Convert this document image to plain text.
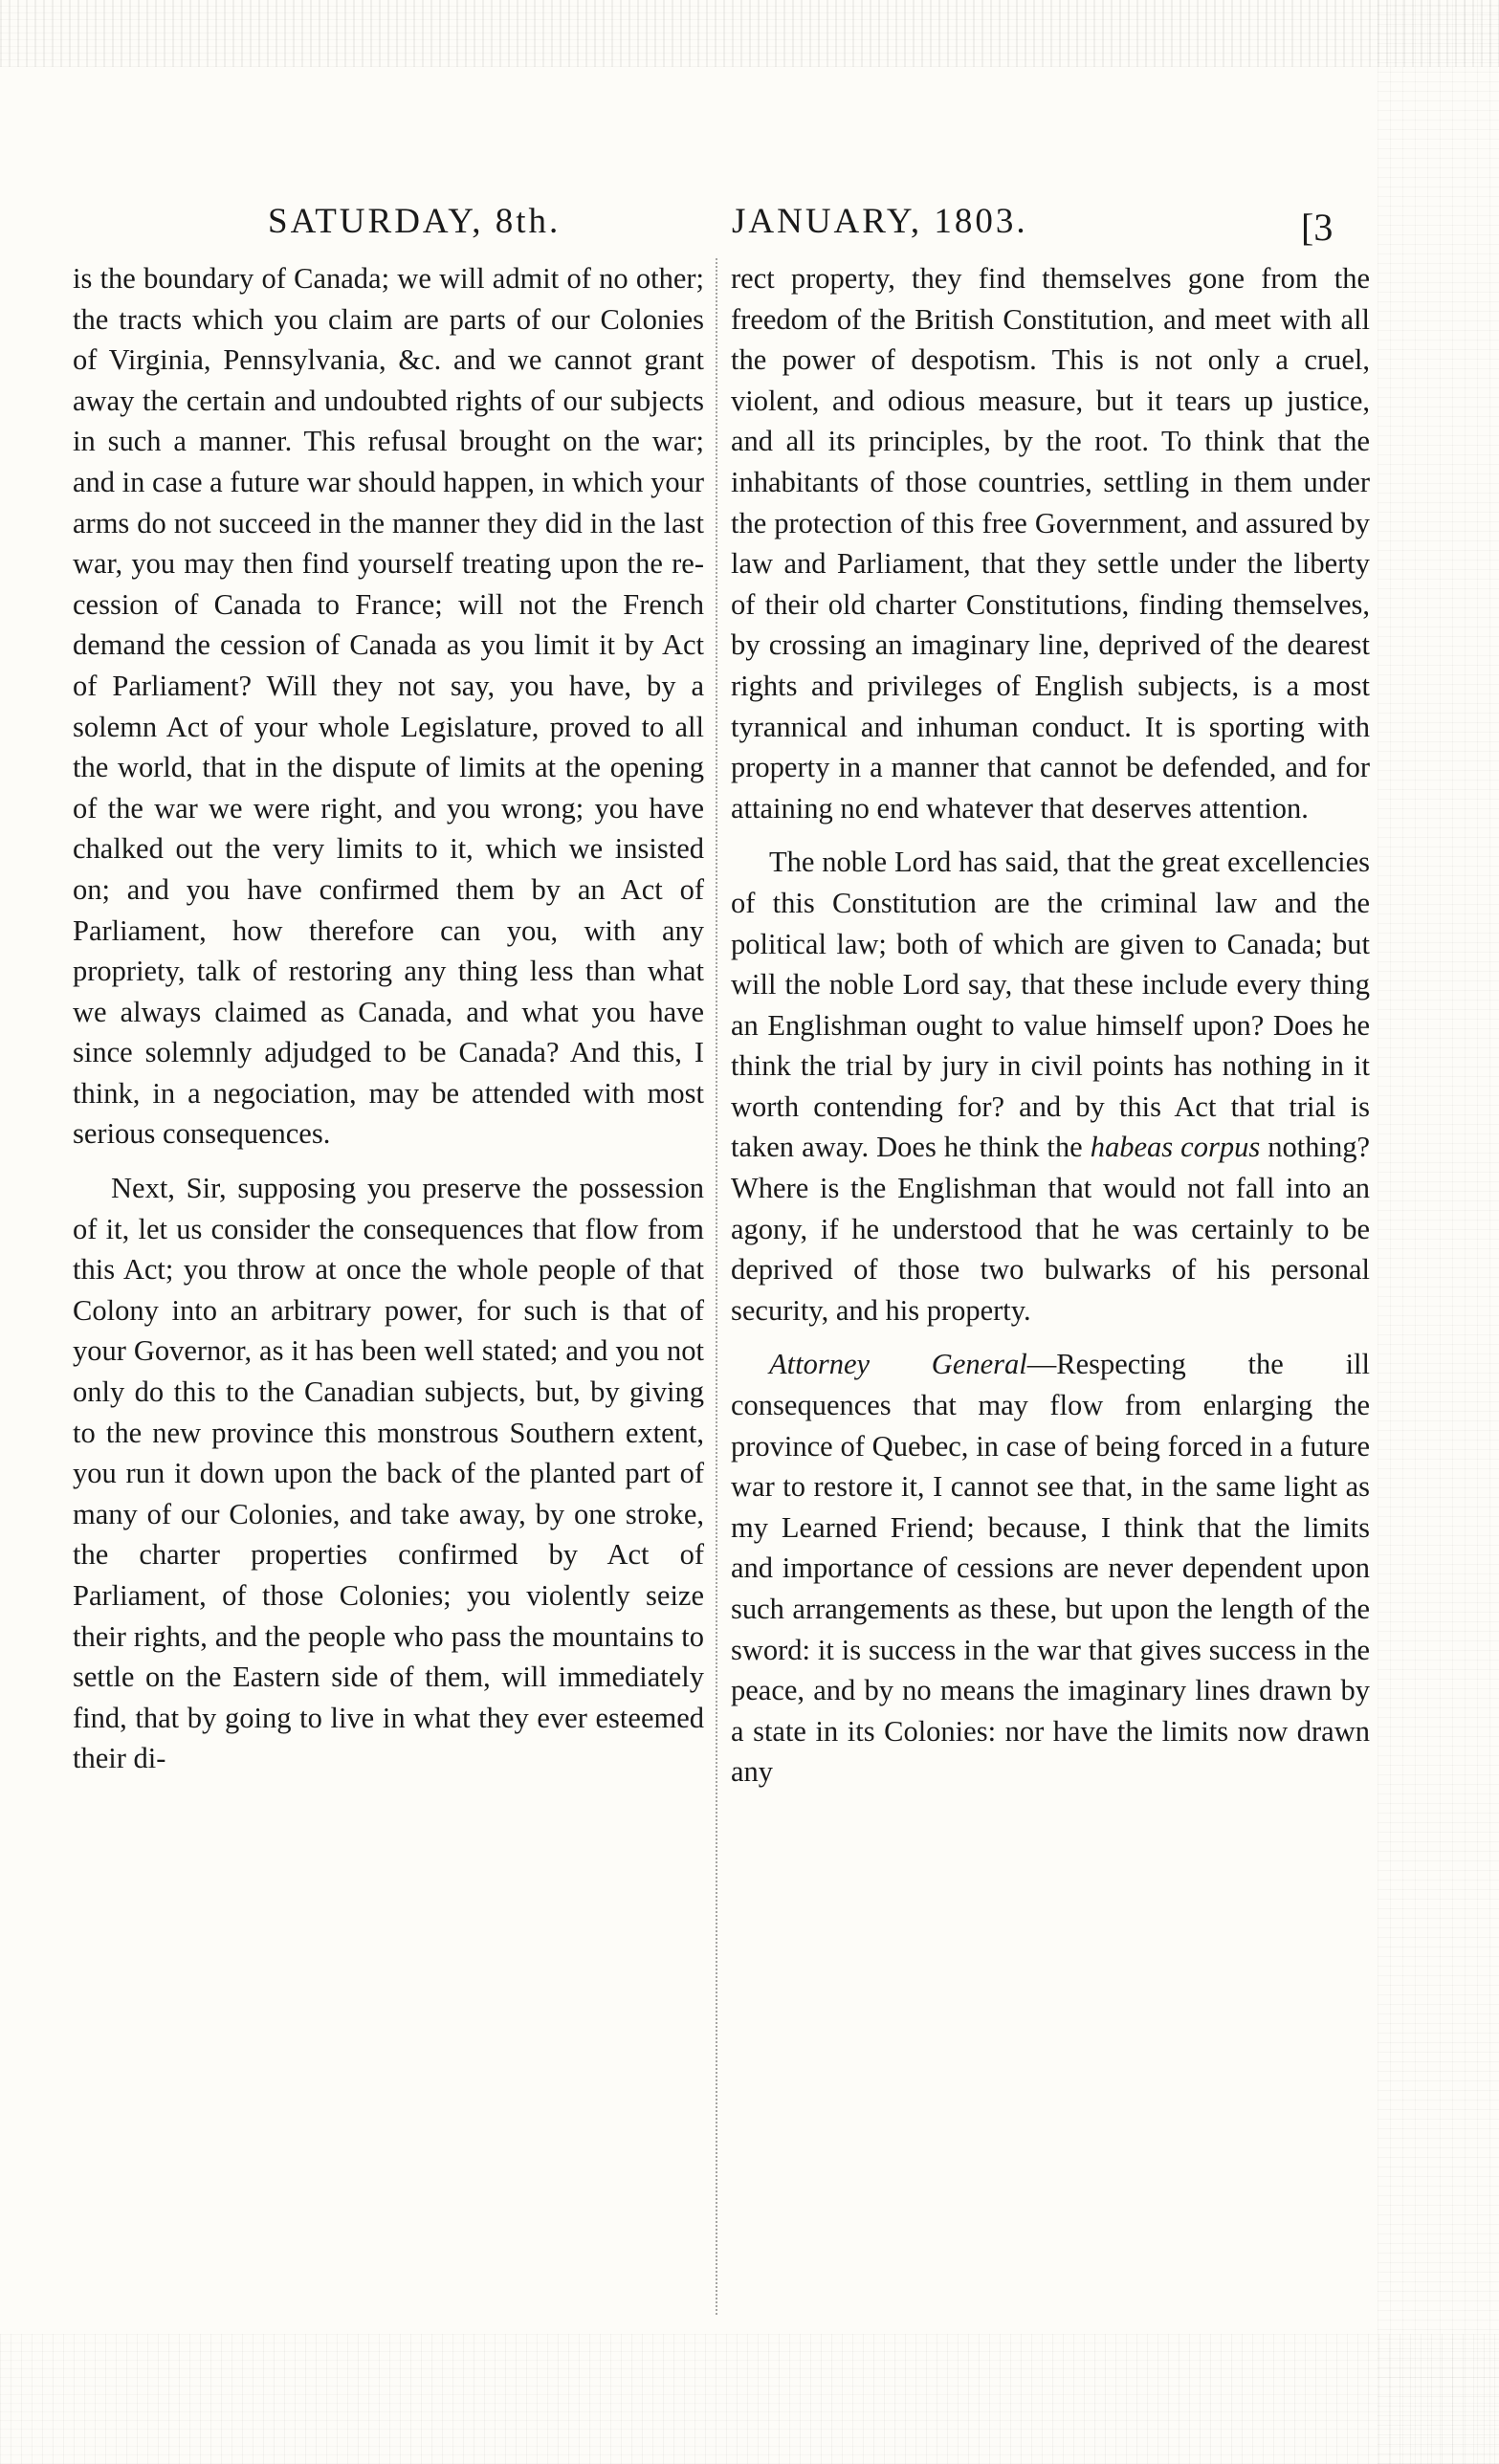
SATURDAY, 8th.	JANUARY, 1803.	[3

is the boundary of Canada; we will admit of no other; the tracts which you claim are parts of our Colonies of Virginia, Pennsylvania, &c. and we cannot grant away the certain and undoubted rights of our subjects in such a manner. This refusal brought on the war; and in case a future war should happen, in which your arms do not succeed in the manner they did in the last war, you may then find yourself treating upon the re-cession of Canada to France; will not the French demand the cession of Canada as you limit it by Act of Parliament? Will they not say, you have, by a solemn Act of your whole Legislature, proved to all the world, that in the dispute of limits at the opening of the war we were right, and you wrong; you have chalked out the very limits to it, which we insisted on; and you have confirmed them by an Act of Parliament, how therefore can you, with any propriety, talk of restoring any thing less than what we always claimed as Canada, and what you have since solemnly adjudged to be Canada? And this, I think, in a negociation, may be attended with most serious consequences.

Next, Sir, supposing you preserve the possession of it, let us consider the consequences that flow from this Act; you throw at once the whole people of that Colony into an arbitrary power, for such is that of your Governor, as it has been well stated; and you not only do this to the Canadian subjects, but, by giving to the new province this monstrous Southern extent, you run it down upon the back of the planted part of many of our Colonies, and take away, by one stroke, the charter properties confirmed by Act of Parliament, of those Colonies; you violently seize their rights, and the people who pass the mountains to settle on the Eastern side of them, will immediately find, that by going to live in what they ever esteemed their di-

rect property, they find themselves gone from the freedom of the British Constitution, and meet with all the power of despotism. This is not only a cruel, violent, and odious measure, but it tears up justice, and all its principles, by the root. To think that the inhabitants of those countries, settling in them under the protection of this free Government, and assured by law and Parliament, that they settle under the liberty of their old charter Constitutions, finding themselves, by crossing an imaginary line, deprived of the dearest rights and privileges of English subjects, is a most tyrannical and inhuman conduct. It is sporting with property in a manner that cannot be defended, and for attaining no end whatever that deserves attention.

The noble Lord has said, that the great excellencies of this Constitution are the criminal law and the political law; both of which are given to Canada; but will the noble Lord say, that these include every thing an Englishman ought to value himself upon? Does he think the trial by jury in civil points has nothing in it worth contending for? and by this Act that trial is taken away. Does he think the habeas corpus nothing? Where is the Englishman that would not fall into an agony, if he understood that he was certainly to be deprived of those two bulwarks of his personal security, and his property.

Attorney General—Respecting the ill consequences that may flow from enlarging the province of Quebec, in case of being forced in a future war to restore it, I cannot see that, in the same light as my Learned Friend; because, I think that the limits and importance of cessions are never dependent upon such arrangements as these, but upon the length of the sword: it is success in the war that gives success in the peace, and by no means the imaginary lines drawn by a state in its Colonies: nor have the limits now drawn any
